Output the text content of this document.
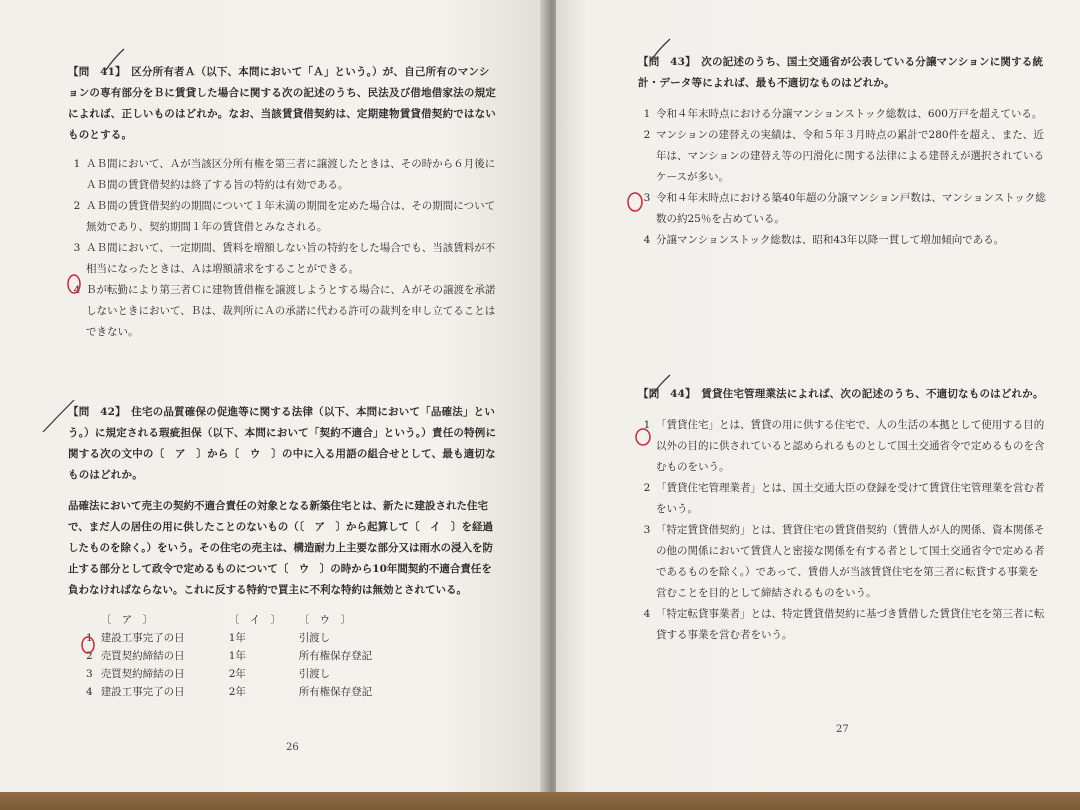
【問　41】　区分所有者Ａ（以下、本問において「Ａ」という。）が、自己所有のマンションの専有部分をＢに賃貸した場合に関する次の記述のうち、民法及び借地借家法の規定によれば、正しいものはどれか。なお、当該賃貸借契約は、定期建物賃貸借契約ではないものとする。
1 ＡＢ間において、Ａが当該区分所有権を第三者に譲渡したときは、その時から６月後にＡＢ間の賃貸借契約は終了する旨の特約は有効である。
2 ＡＢ間の賃貸借契約の期間について１年未満の期間を定めた場合は、その期間について無効であり、契約期間１年の賃貸借とみなされる。
3 ＡＢ間において、一定期間、賃料を増額しない旨の特約をした場合でも、当該賃料が不相当になったときは、Ａは増額請求をすることができる。
4 Ｂが転勤により第三者Ｃに建物賃借権を譲渡しようとする場合に、Ａがその譲渡を承諾しないときにおいて、Ｂは、裁判所にＡの承諾に代わる許可の裁判を申し立てることはできない。
【問　42】　住宅の品質確保の促進等に関する法律（以下、本問において「品確法」という。）に規定される瑕疵担保（以下、本問において「契約不適合」という。）責任の特例に関する次の文中の〔　ア　〕から〔　ウ　〕の中に入る用語の組合せとして、最も適切なものはどれか。
品確法において売主の契約不適合責任の対象となる新築住宅とは、新たに建設された住宅で、まだ人の居住の用に供したことのないもの（〔　ア　〕から起算して〔　イ　〕を経過したものを除く。）をいう。その住宅の売主は、構造耐力上主要な部分又は雨水の浸入を防止する部分として政令で定めるものについて〔　ウ　〕の時から10年間契約不適合責任を負わなければならない。これに反する特約で買主に不利な特約は無効とされている。
	〔　ア　〕	〔　イ　〕	〔　ウ　〕
1	建設工事完了の日	1年	引渡し
2	売買契約締結の日	1年	所有権保存登記
3	売買契約締結の日	2年	引渡し
4	建設工事完了の日	2年	所有権保存登記
26
【問　43】　次の記述のうち、国土交通省が公表している分譲マンションに関する統計・データ等によれば、最も不適切なものはどれか。
1 令和４年末時点における分譲マンションストック総数は、600万戸を超えている。
2 マンションの建替えの実績は、令和５年３月時点の累計で280件を超え、また、近年は、マンションの建替え等の円滑化に関する法律による建替えが選択されているケースが多い。
3 令和４年末時点における築40年超の分譲マンション戸数は、マンションストック総数の約25％を占めている。
4 分譲マンションストック総数は、昭和43年以降一貫して増加傾向である。
【問　44】　賃貸住宅管理業法によれば、次の記述のうち、不適切なものはどれか。
1 「賃貸住宅」とは、賃貸の用に供する住宅で、人の生活の本拠として使用する目的以外の目的に供されていると認められるものとして国土交通省令で定めるものを含むものをいう。
2 「賃貸住宅管理業者」とは、国土交通大臣の登録を受けて賃貸住宅管理業を営む者をいう。
3 「特定賃貸借契約」とは、賃貸住宅の賃貸借契約（賃借人が人的関係、資本関係その他の関係において賃貸人と密接な関係を有する者として国土交通省令で定める者であるものを除く。）であって、賃借人が当該賃貸住宅を第三者に転貸する事業を営むことを目的として締結されるものをいう。
4 「特定転貸事業者」とは、特定賃貸借契約に基づき賃借した賃貸住宅を第三者に転貸する事業を営む者をいう。
27
